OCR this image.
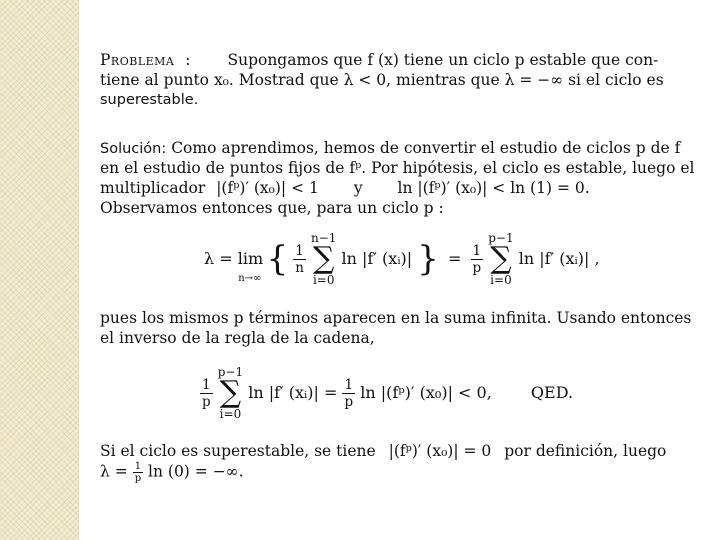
Problema : Supongamos que f (x) tiene un ciclo p estable que con-
tiene al punto x₀. Mostrad que λ < 0, mientras que λ = −∞ si el ciclo es
superestable.
Solución: Como aprendimos, hemos de convertir el estudio de ciclos p de f
en el estudio de puntos fijos de fᵖ. Por hipótesis, el ciclo es estable, luego el
multiplicador |(fᵖ)′ (x₀)| < 1 y ln |(fᵖ)′ (x₀)| < ln (1) = 0.
Observamos entonces que, para un ciclo p :
λ = lim $_{n\to\infty}$ { $\frac{1}{n}$
n−1
∑
i=0 ln |f′ (xᵢ)| } = $\frac{1}{p}$
p−1
∑
i=0 ln |f′ (xᵢ)| ,
pues los mismos p términos aparecen en la suma infinita. Usando entonces
el inverso de la regla de la cadena,
$\frac{1}{p}$
p−1
∑
i=0 ln |f′ (xᵢ)| = $\frac{1}{p}$ ln |(fᵖ)′ (x₀)| < 0, QED.
Si el ciclo es superestable, se tiene |(fᵖ)′ (x₀)| = 0 por definición, luego
$\lambda = \frac{1}{p}$ ln (0) = −∞.
